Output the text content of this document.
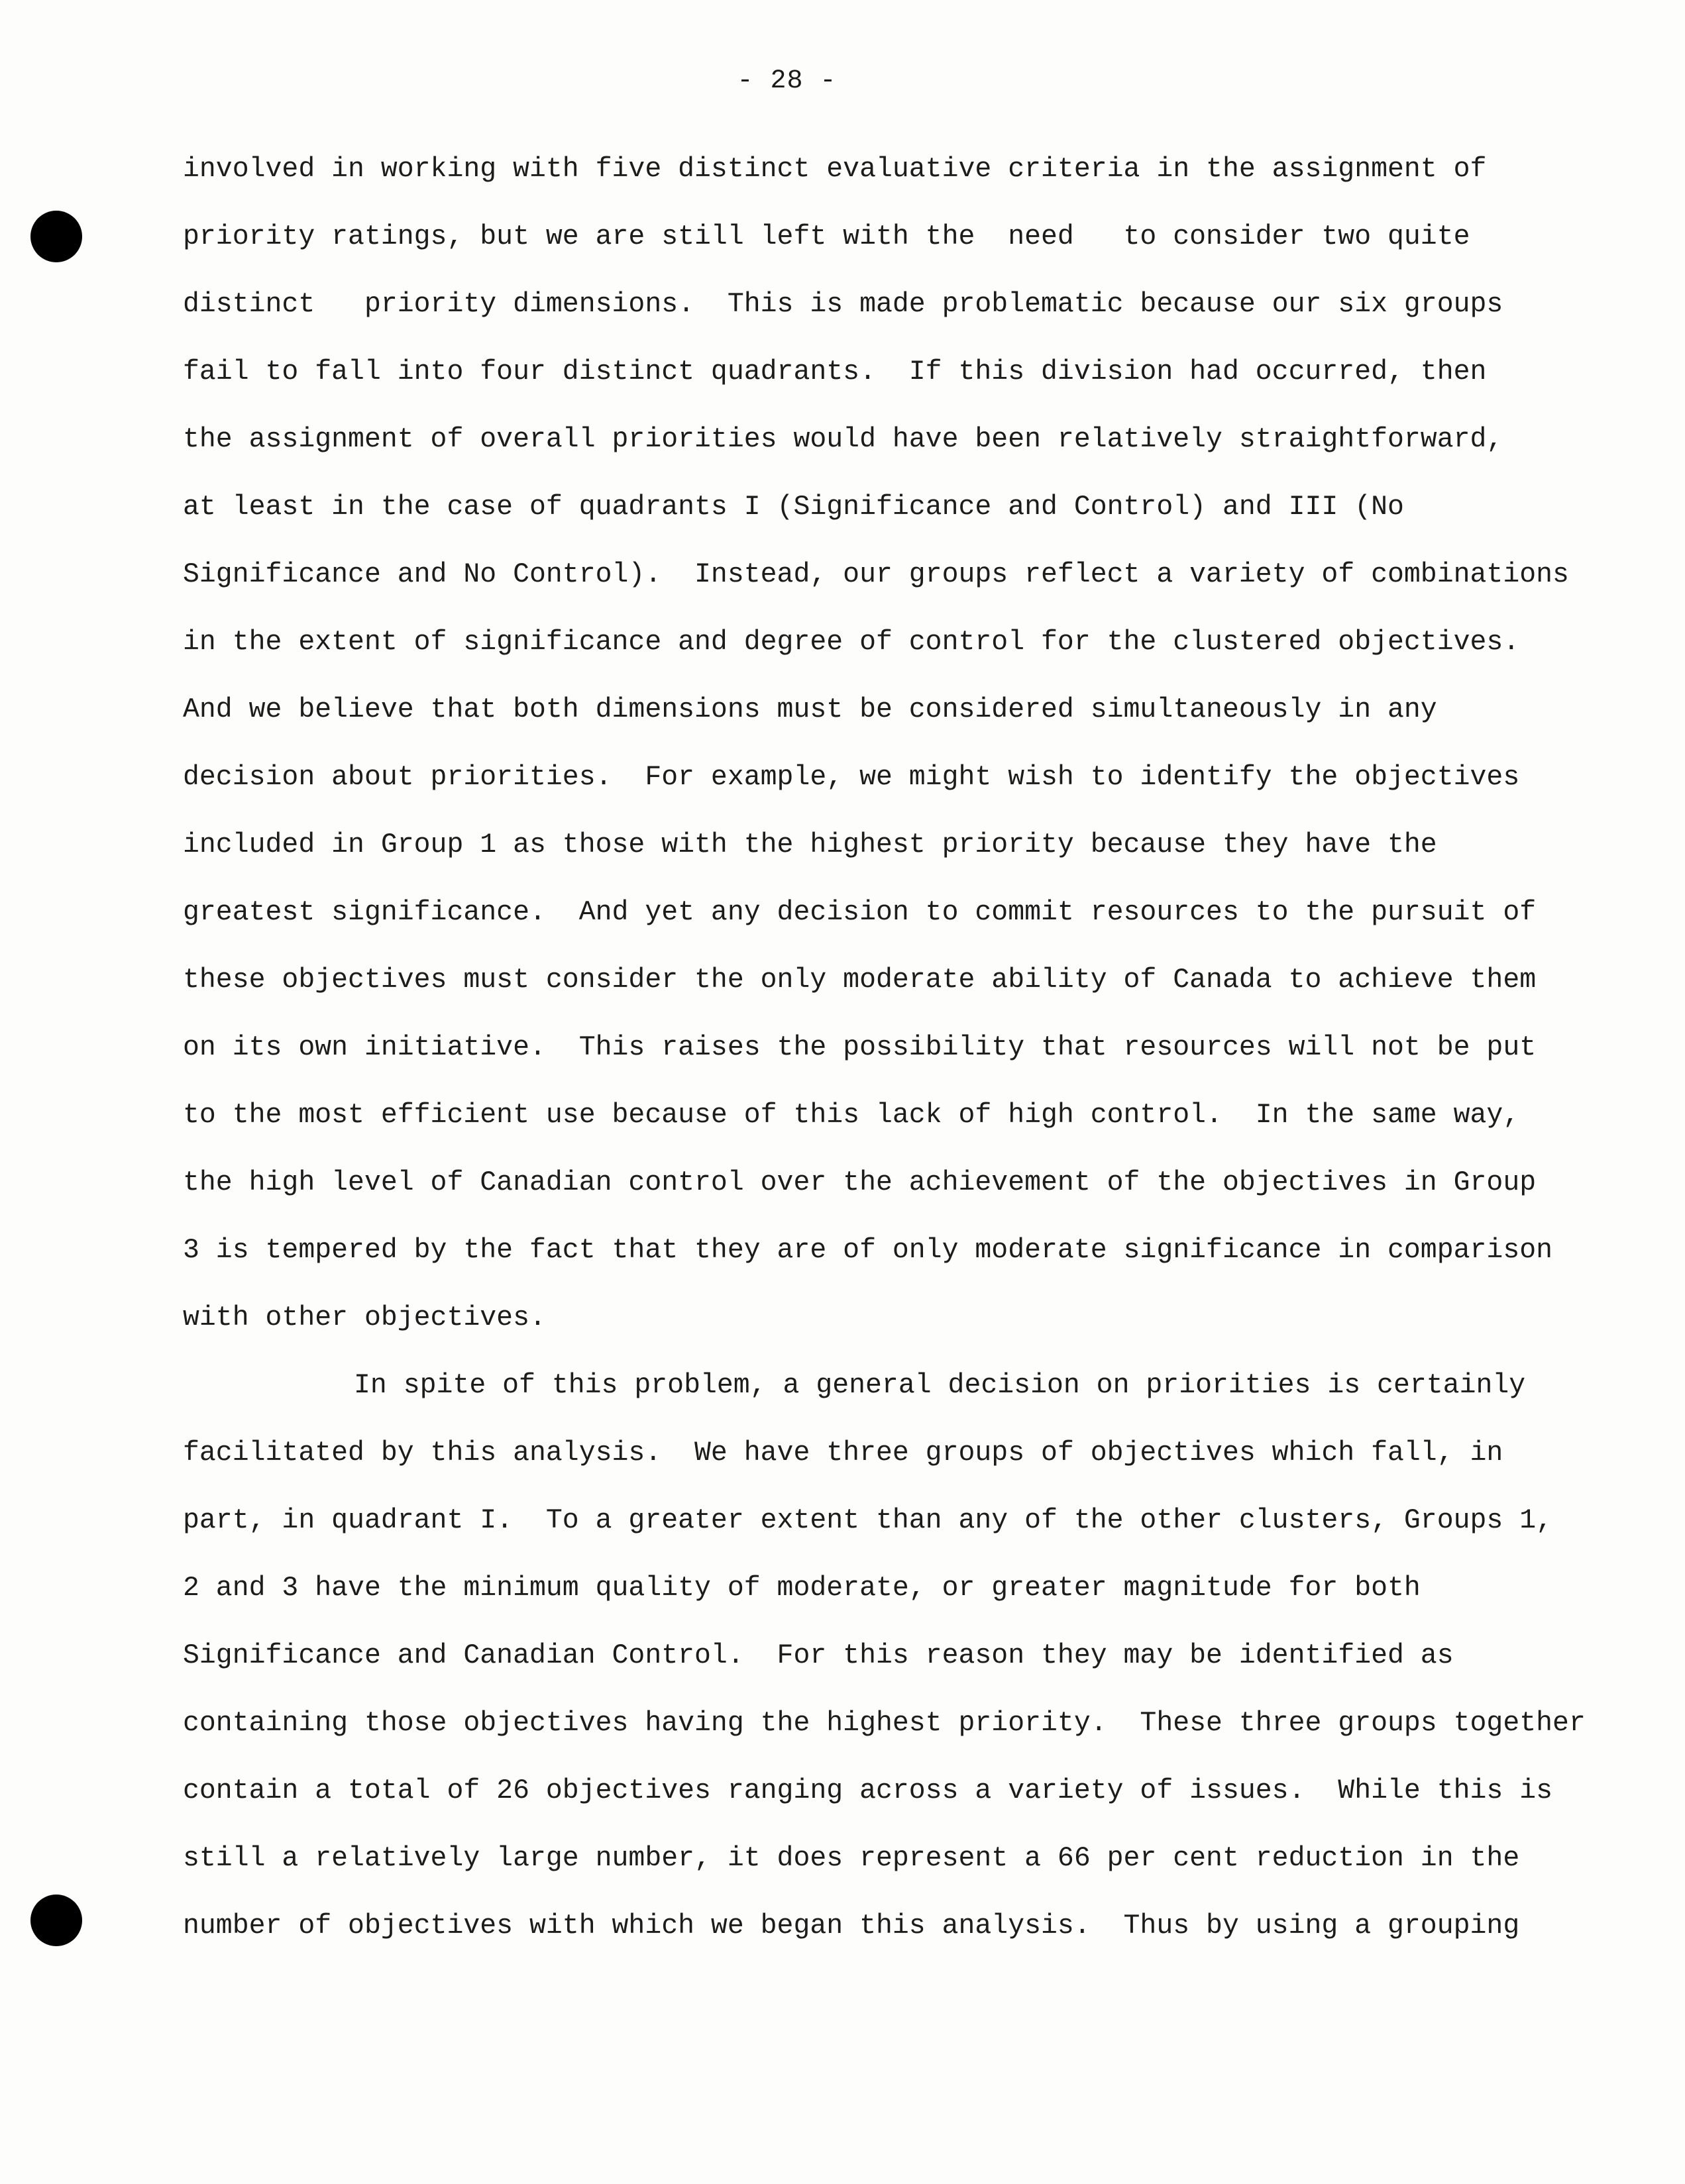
- 28 -
involved in working with five distinct evaluative criteria in the assignment of
priority ratings, but we are still left with the  need   to consider two quite
distinct   priority dimensions.  This is made problematic because our six groups
fail to fall into four distinct quadrants.  If this division had occurred, then
the assignment of overall priorities would have been relatively straightforward,
at least in the case of quadrants I (Significance and Control) and III (No
Significance and No Control).  Instead, our groups reflect a variety of combinations
in the extent of significance and degree of control for the clustered objectives.
And we believe that both dimensions must be considered simultaneously in any
decision about priorities.  For example, we might wish to identify the objectives
included in Group 1 as those with the highest priority because they have the
greatest significance.  And yet any decision to commit resources to the pursuit of
these objectives must consider the only moderate ability of Canada to achieve them
on its own initiative.  This raises the possibility that resources will not be put
to the most efficient use because of this lack of high control.  In the same way,
the high level of Canadian control over the achievement of the objectives in Group
3 is tempered by the fact that they are of only moderate significance in comparison
with other objectives.
In spite of this problem, a general decision on priorities is certainly
facilitated by this analysis.  We have three groups of objectives which fall, in
part, in quadrant I.  To a greater extent than any of the other clusters, Groups 1,
2 and 3 have the minimum quality of moderate, or greater magnitude for both
Significance and Canadian Control.  For this reason they may be identified as
containing those objectives having the highest priority.  These three groups together
contain a total of 26 objectives ranging across a variety of issues.  While this is
still a relatively large number, it does represent a 66 per cent reduction in the
number of objectives with which we began this analysis.  Thus by using a grouping
